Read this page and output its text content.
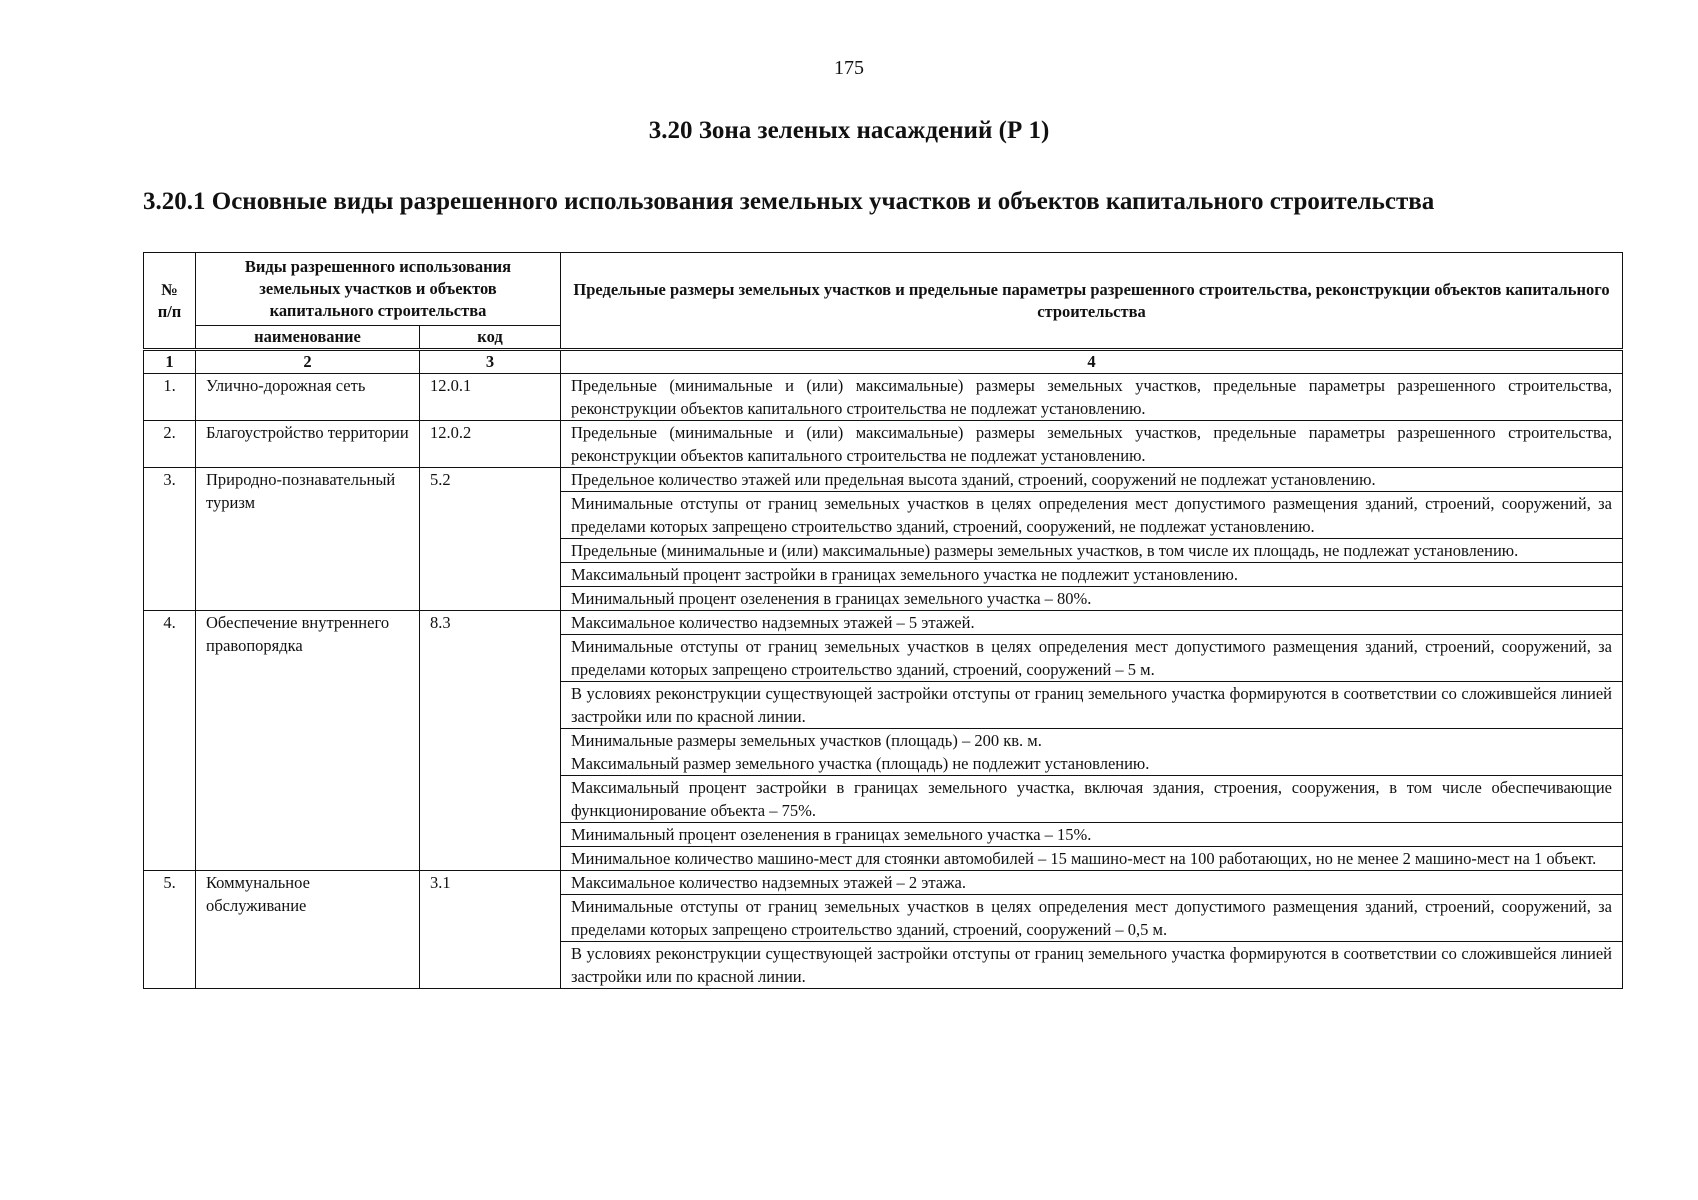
175
3.20 Зона зеленых насаждений (Р 1)
3.20.1 Основные виды разрешенного использования земельных участков и объектов капитального строительства
№ п/п	Виды разрешенного использования земельных участков и объектов капитального строительства		Предельные размеры земельных участков и предельные параметры разрешенного строительства, реконструкции объектов капитального строительства
	наименование	код	
1	2	3	4
1.	Улично-дорожная сеть	12.0.1	Предельные (минимальные и (или) максимальные) размеры земельных участков, предельные параметры разрешенного строительства, реконструкции объектов капитального строительства не подлежат установлению.
2.	Благоустройство территории	12.0.2	Предельные (минимальные и (или) максимальные) размеры земельных участков, предельные параметры разрешенного строительства, реконструкции объектов капитального строительства не подлежат установлению.
3.	Природно-познавательный туризм	5.2	Предельное количество этажей или предельная высота зданий, строений, сооружений не подлежат установлению.
			Минимальные отступы от границ земельных участков в целях определения мест допустимого размещения зданий, строений, сооружений, за пределами которых запрещено строительство зданий, строений, сооружений, не подлежат установлению.
			Предельные (минимальные и (или) максимальные) размеры земельных участков, в том числе их площадь, не подлежат установлению.
			Максимальный процент застройки в границах земельного участка не подлежит установлению.
			Минимальный процент озеленения в границах земельного участка – 80%.
4.	Обеспечение внутреннего правопорядка	8.3	Максимальное количество надземных этажей – 5 этажей.
			Минимальные отступы от границ земельных участков в целях определения мест допустимого размещения зданий, строений, сооружений, за пределами которых запрещено строительство зданий, строений, сооружений – 5 м.
			В условиях реконструкции существующей застройки отступы от границ земельного участка формируются в соответствии со сложившейся линией застройки или по красной линии.
			Минимальные размеры земельных участков (площадь) – 200 кв. м.
Максимальный размер земельного участка (площадь) не подлежит установлению.
			Максимальный процент застройки в границах земельного участка, включая здания, строения, сооружения, в том числе обеспечивающие функционирование объекта – 75%.
			Минимальный процент озеленения в границах земельного участка – 15%.
			Минимальное количество машино-мест для стоянки автомобилей – 15 машино-мест на 100 работающих, но не менее 2 машино-мест на 1 объект.
5.	Коммунальное обслуживание	3.1	Максимальное количество надземных этажей – 2 этажа.
			Минимальные отступы от границ земельных участков в целях определения мест допустимого размещения зданий, строений, сооружений, за пределами которых запрещено строительство зданий, строений, сооружений – 0,5 м.
			В условиях реконструкции существующей застройки отступы от границ земельного участка формируются в соответствии со сложившейся линией застройки или по красной линии.
